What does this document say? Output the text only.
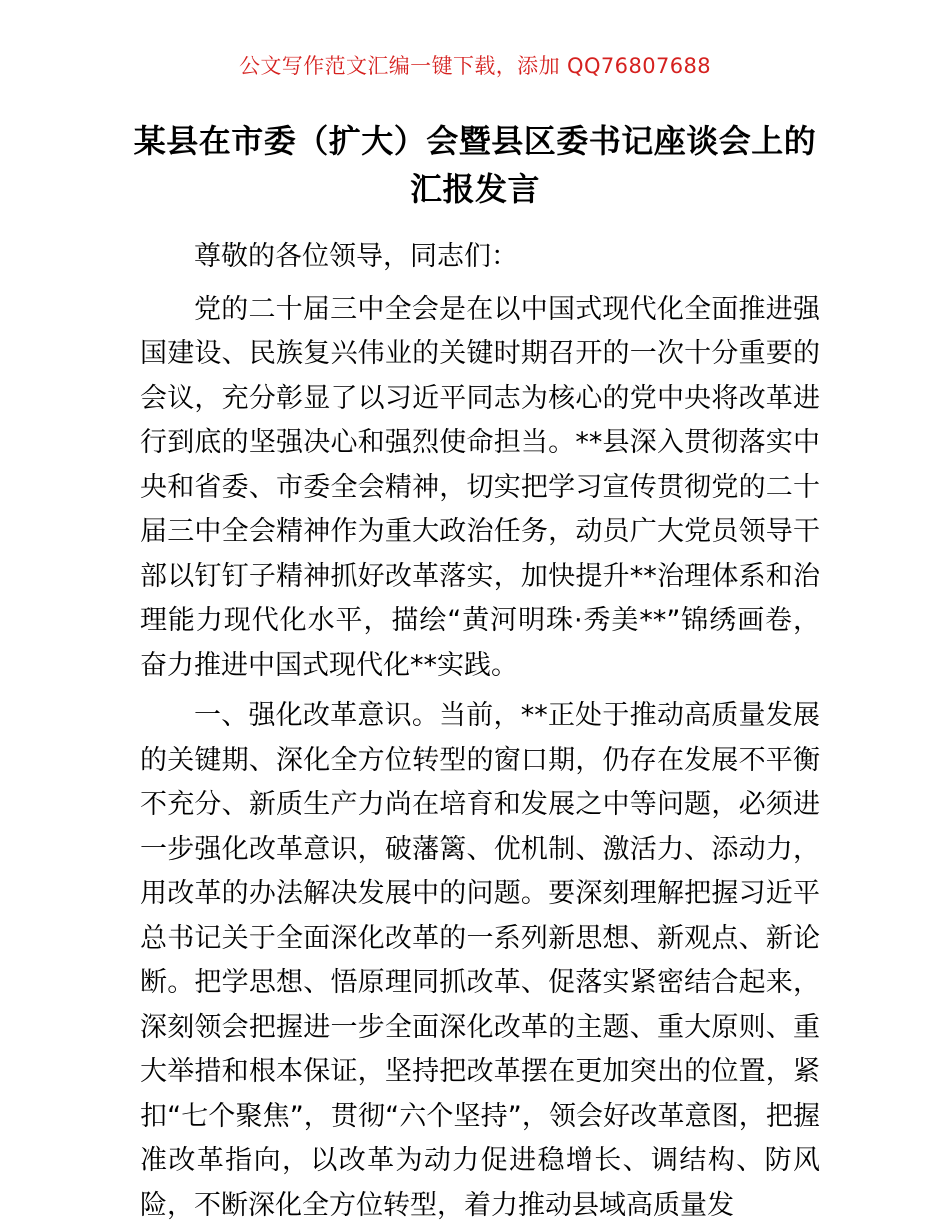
公文写作范文汇编一键下载，添加 QQ76807688
某县在市委（扩大）会暨县区委书记座谈会上的汇报发言

尊敬的各位领导，同志们：

党的二十届三中全会是在以中国式现代化全面推进强国建设、民族复兴伟业的关键时期召开的一次十分重要的会议，充分彰显了以习近平同志为核心的党中央将改革进行到底的坚强决心和强烈使命担当。**县深入贯彻落实中央和省委、市委全会精神，切实把学习宣传贯彻党的二十届三中全会精神作为重大政治任务，动员广大党员领导干部以钉钉子精神抓好改革落实，加快提升**治理体系和治理能力现代化水平，描绘“黄河明珠·秀美**”锦绣画卷，奋力推进中国式现代化**实践。

一、强化改革意识。当前，**正处于推动高质量发展的关键期、深化全方位转型的窗口期，仍存在发展不平衡不充分、新质生产力尚在培育和发展之中等问题，必须进一步强化改革意识，破藩篱、优机制、激活力、添动力，用改革的办法解决发展中的问题。要深刻理解把握习近平总书记关于全面深化改革的一系列新思想、新观点、新论断。把学思想、悟原理同抓改革、促落实紧密结合起来，深刻领会把握进一步全面深化改革的主题、重大原则、重大举措和根本保证，坚持把改革摆在更加突出的位置，紧扣“七个聚焦”，贯彻“六个坚持”，领会好改革意图，把握准改革指向，以改革为动力促进稳增长、调结构、防风险，不断深化全方位转型，着力推动县域高质量发
